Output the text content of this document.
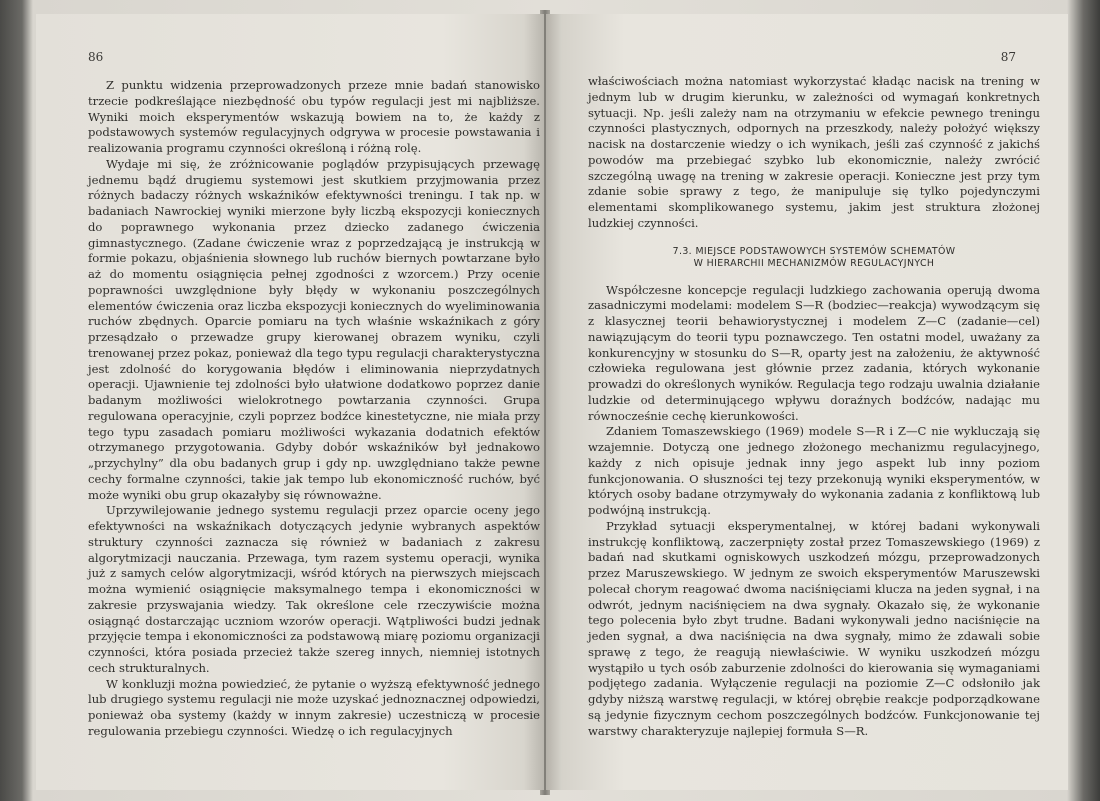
86

Z punktu widzenia przeprowadzonych przeze mnie badań stanowisko trzecie podkreślające niezbędność obu typów regulacji jest mi najbliższe. Wyniki moich eksperymentów wskazują bowiem na to, że każdy z podstawowych systemów regulacyjnych odgrywa w procesie powstawania i realizowania programu czynności określoną i różną rolę.

Wydaje mi się, że zróżnicowanie poglądów przypisujących przewagę jednemu bądź drugiemu systemowi jest skutkiem przyjmowania przez różnych badaczy różnych wskaźników efektywności treningu. I tak np. w badaniach Nawrockiej wyniki mierzone były liczbą ekspozycji koniecznych do poprawnego wykonania przez dziecko zadanego ćwiczenia gimnastycznego. (Zadane ćwiczenie wraz z poprzedzającą je instrukcją w formie pokazu, objaśnienia słownego lub ruchów biernych powtarzane było aż do momentu osiągnięcia pełnej zgodności z wzorcem.) Przy ocenie poprawności uwzględnione były błędy w wykonaniu poszczególnych elementów ćwiczenia oraz liczba ekspozycji koniecznych do wyeliminowania ruchów zbędnych. Oparcie pomiaru na tych właśnie wskaźnikach z góry przesądzało o przewadze grupy kierowanej obrazem wyniku, czyli trenowanej przez pokaz, ponieważ dla tego typu regulacji charakterystyczna jest zdolność do korygowania błędów i eliminowania nieprzydatnych operacji. Ujawnienie tej zdolności było ułatwione dodatkowo poprzez danie badanym możliwości wielokrotnego powtarzania czynności. Grupa regulowana operacyjnie, czyli poprzez bodźce kinestetyczne, nie miała przy tego typu zasadach pomiaru możliwości wykazania dodatnich efektów otrzymanego przygotowania. Gdyby dobór wskaźników był jednakowo „przychylny” dla obu badanych grup i gdy np. uwzględniano także pewne cechy formalne czynności, takie jak tempo lub ekonomiczność ruchów, być może wyniki obu grup okazałyby się równoważne.

Uprzywilejowanie jednego systemu regulacji przez oparcie oceny jego efektywności na wskaźnikach dotyczących jedynie wybranych aspektów struktury czynności zaznacza się również w badaniach z zakresu algorytmizacji nauczania. Przewaga, tym razem systemu operacji, wynika już z samych celów algorytmizacji, wśród których na pierwszych miejscach można wymienić osiągnięcie maksymalnego tempa i ekonomiczności w zakresie przyswajania wiedzy. Tak określone cele rzeczywiście można osiągnąć dostarczając uczniom wzorów operacji. Wątpliwości budzi jednak przyjęcie tempa i ekonomiczności za podstawową miarę poziomu organizacji czynności, która posiada przecież także szereg innych, niemniej istotnych cech strukturalnych.

W konkluzji można powiedzieć, że pytanie o wyższą efektywność jednego lub drugiego systemu regulacji nie może uzyskać jednoznacznej odpowiedzi, ponieważ oba systemy (każdy w innym zakresie) uczestniczą w procesie regulowania przebiegu czynności. Wiedzę o ich regulacyjnych

87

właściwościach można natomiast wykorzystać kładąc nacisk na trening w jednym lub w drugim kierunku, w zależności od wymagań konkretnych sytuacji. Np. jeśli zależy nam na otrzymaniu w efekcie pewnego treningu czynności plastycznych, odpornych na przeszkody, należy położyć większy nacisk na dostarczenie wiedzy o ich wynikach, jeśli zaś czynność z jakichś powodów ma przebiegać szybko lub ekonomicznie, należy zwrócić szczególną uwagę na trening w zakresie operacji. Konieczne jest przy tym zdanie sobie sprawy z tego, że manipuluje się tylko pojedynczymi elementami skomplikowanego systemu, jakim jest struktura złożonej ludzkiej czynności.

7.3. MIEJSCE PODSTAWOWYCH SYSTEMÓW SCHEMATÓW
W HIERARCHII MECHANIZMÓW REGULACYJNYCH

Współczesne koncepcje regulacji ludzkiego zachowania operują dwoma zasadniczymi modelami: modelem S—R (bodziec—reakcja) wywodzącym się z klasycznej teorii behawiorystycznej i modelem Z—C (zadanie—cel) nawiązującym do teorii typu poznawczego. Ten ostatni model, uważany za konkurencyjny w stosunku do S—R, oparty jest na założeniu, że aktywność człowieka regulowana jest głównie przez zadania, których wykonanie prowadzi do określonych wyników. Regulacja tego rodzaju uwalnia działanie ludzkie od determinującego wpływu doraźnych bodźców, nadając mu równocześnie cechę kierunkowości.

Zdaniem Tomaszewskiego (1969) modele S—R i Z—C nie wykluczają się wzajemnie. Dotyczą one jednego złożonego mechanizmu regulacyjnego, każdy z nich opisuje jednak inny jego aspekt lub inny poziom funkcjonowania. O słuszności tej tezy przekonują wyniki eksperymentów, w których osoby badane otrzymywały do wykonania zadania z konfliktową lub podwójną instrukcją.

Przykład sytuacji eksperymentalnej, w której badani wykonywali instrukcję konfliktową, zaczerpnięty został przez Tomaszewskiego (1969) z badań nad skutkami ogniskowych uszkodzeń mózgu, przeprowadzonych przez Maruszewskiego. W jednym ze swoich eksperymentów Maruszewski polecał chorym reagować dwoma naciśnięciami klucza na jeden sygnał, i na odwrót, jednym naciśnięciem na dwa sygnały. Okazało się, że wykonanie tego polecenia było zbyt trudne. Badani wykonywali jedno naciśnięcie na jeden sygnał, a dwa naciśnięcia na dwa sygnały, mimo że zdawali sobie sprawę z tego, że reagują niewłaściwie. W wyniku uszkodzeń mózgu wystąpiło u tych osób zaburzenie zdolności do kierowania się wymaganiami podjętego zadania. Wyłączenie regulacji na poziomie Z—C odsłoniło jak gdyby niższą warstwę regulacji, w której obrębie reakcje podporządkowane są jedynie fizycznym cechom poszczególnych bodźców. Funkcjonowanie tej warstwy charakteryzuje najlepiej formuła S—R.
